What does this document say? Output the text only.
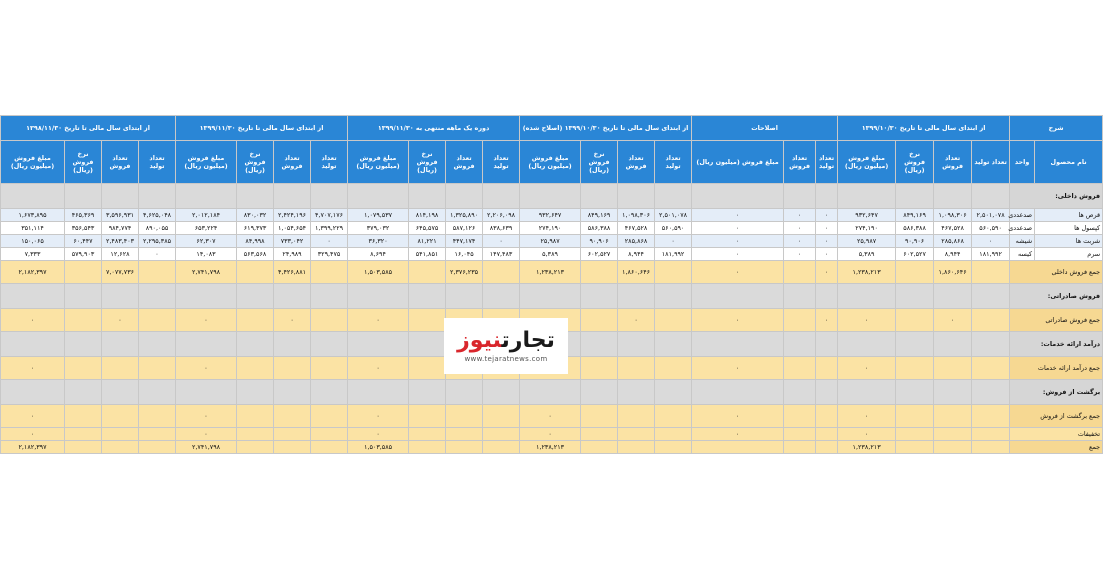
شرح		از ابتدای سال مالی تا تاریخ ۱۳۹۹/۱۰/۳۰				اصلاحات			از ابتدای سال مالی تا تاریخ ۱۳۹۹/۱۰/۳۰ (اصلاح شده)				دوره یک ماهه منتهی به ۱۳۹۹/۱۱/۳۰				از ابتدای سال مالی تا تاریخ ۱۳۹۹/۱۱/۳۰				از ابتدای سال مالی تا تاریخ ۱۳۹۸/۱۱/۳۰			
نام محصول	واحد	تعداد تولید	تعداد فروش	نرخ فروش (ریال)	مبلغ فروش (میلیون ریال)	تعداد تولید	تعداد فروش	مبلغ فروش (میلیون ریال)	تعداد تولید	تعداد فروش	نرخ فروش (ریال)	مبلغ فروش (میلیون ریال)	تعداد تولید	تعداد فروش	نرخ فروش (ریال)	مبلغ فروش (میلیون ریال)	تعداد تولید	تعداد فروش	نرخ فروش (ریال)	مبلغ فروش (میلیون ریال)	تعداد تولید	تعداد فروش	نرخ فروش (ریال)	مبلغ فروش (میلیون ریال)
فروش داخلی:																								
قرص ها	صدعددی	۲,۵۰۱,۰۷۸	۱,۰۹۸,۳۰۶	۸۴۹,۱۶۹	۹۳۲,۶۴۷	۰	۰	۰	۲,۵۰۱,۰۷۸	۱,۰۹۸,۳۰۶	۸۴۹,۱۶۹	۹۳۲,۶۴۷	۲,۲۰۶,۰۹۸	۱,۳۲۵,۸۹۰	۸۱۴,۱۹۸	۱,۰۷۹,۵۳۷	۴,۷۰۷,۱۷۶	۲,۴۲۴,۱۹۶	۸۳۰,۰۳۲	۲,۰۱۲,۱۸۴	۴,۶۲۵,۰۴۸	۳,۵۹۶,۹۳۱	۴۶۵,۳۶۹	۱,۶۷۳,۸۹۵
کپسول ها	صدعددی	۵۶۰,۵۹۰	۴۶۷,۵۲۸	۵۸۶,۳۸۸	۲۷۴,۱۹۰	۰	۰	۰	۵۶۰,۵۹۰	۴۶۷,۵۲۸	۵۸۶,۳۸۸	۲۷۴,۱۹۰	۸۳۸,۶۳۹	۵۸۷,۱۲۶	۶۴۵,۵۷۵	۳۷۹,۰۳۲	۱,۳۹۹,۲۲۹	۱,۰۵۴,۶۵۴	۶۱۹,۳۷۳	۶۵۳,۲۲۴	۸۹۰,۰۵۵	۹۸۴,۷۷۴	۳۵۶,۵۴۳	۳۵۱,۱۱۴
شربت ها	شیشه	۰	۲۸۵,۸۶۸	۹۰,۹۰۶	۲۵,۹۸۷	۰	۰	۰	۰	۲۸۵,۸۶۸	۹۰,۹۰۶	۲۵,۹۸۷	۰	۴۴۷,۱۷۴	۸۱,۲۲۱	۳۶,۳۲۰	۰	۷۳۳,۰۴۲	۸۴,۹۹۸	۶۲,۳۰۷	۲,۲۹۵,۳۸۵	۲,۴۸۳,۴۰۳	۶۰,۴۴۷	۱۵۰,۰۶۵
سرم	کیسه	۱۸۱,۹۹۲	۸,۹۴۴	۶۰۲,۵۲۷	۵,۳۸۹	۰	۰	۰	۱۸۱,۹۹۲	۸,۹۴۴	۶۰۲,۵۲۷	۵,۳۸۹	۱۴۷,۴۸۳	۱۶,۰۴۵	۵۴۱,۸۵۱	۸,۶۹۴	۳۲۹,۴۷۵	۲۴,۹۸۹	۵۶۳,۵۶۸	۱۴,۰۸۳	۰	۱۲,۶۲۸	۵۷۹,۹۰۳	۷,۳۳۳
جمع فروش داخلی			۱,۸۶۰,۶۴۶		۱,۲۳۸,۲۱۳	۰		۰		۱,۸۶۰,۶۴۶		۱,۲۳۸,۲۱۳		۲,۳۷۶,۲۳۵		۱,۵۰۳,۵۸۵		۴,۴۲۶,۸۸۱		۲,۷۴۱,۷۹۸		۷,۰۷۷,۷۳۶		۲,۱۸۲,۳۹۷
فروش صادراتی:																								
جمع فروش صادراتی			۰		۰	۰		۰		۰						۰		۰		۰		۰		۰
درآمد ارائه خدمات:																								
جمع درآمد ارائه خدمات					۰			۰								۰				۰				۰
برگشت از فروش:																								
جمع برگشت از فروش					۰			۰				۰				۰				۰				۰
تخفیفات					۰			۰				۰				۰				۰				۰
جمع					۱,۲۳۸,۲۱۳							۱,۲۳۸,۲۱۳				۱,۵۰۳,۵۸۵				۲,۷۴۱,۷۹۸				۲,۱۸۲,۳۹۷
تجارتنیوز
www.tejaratnews.com
